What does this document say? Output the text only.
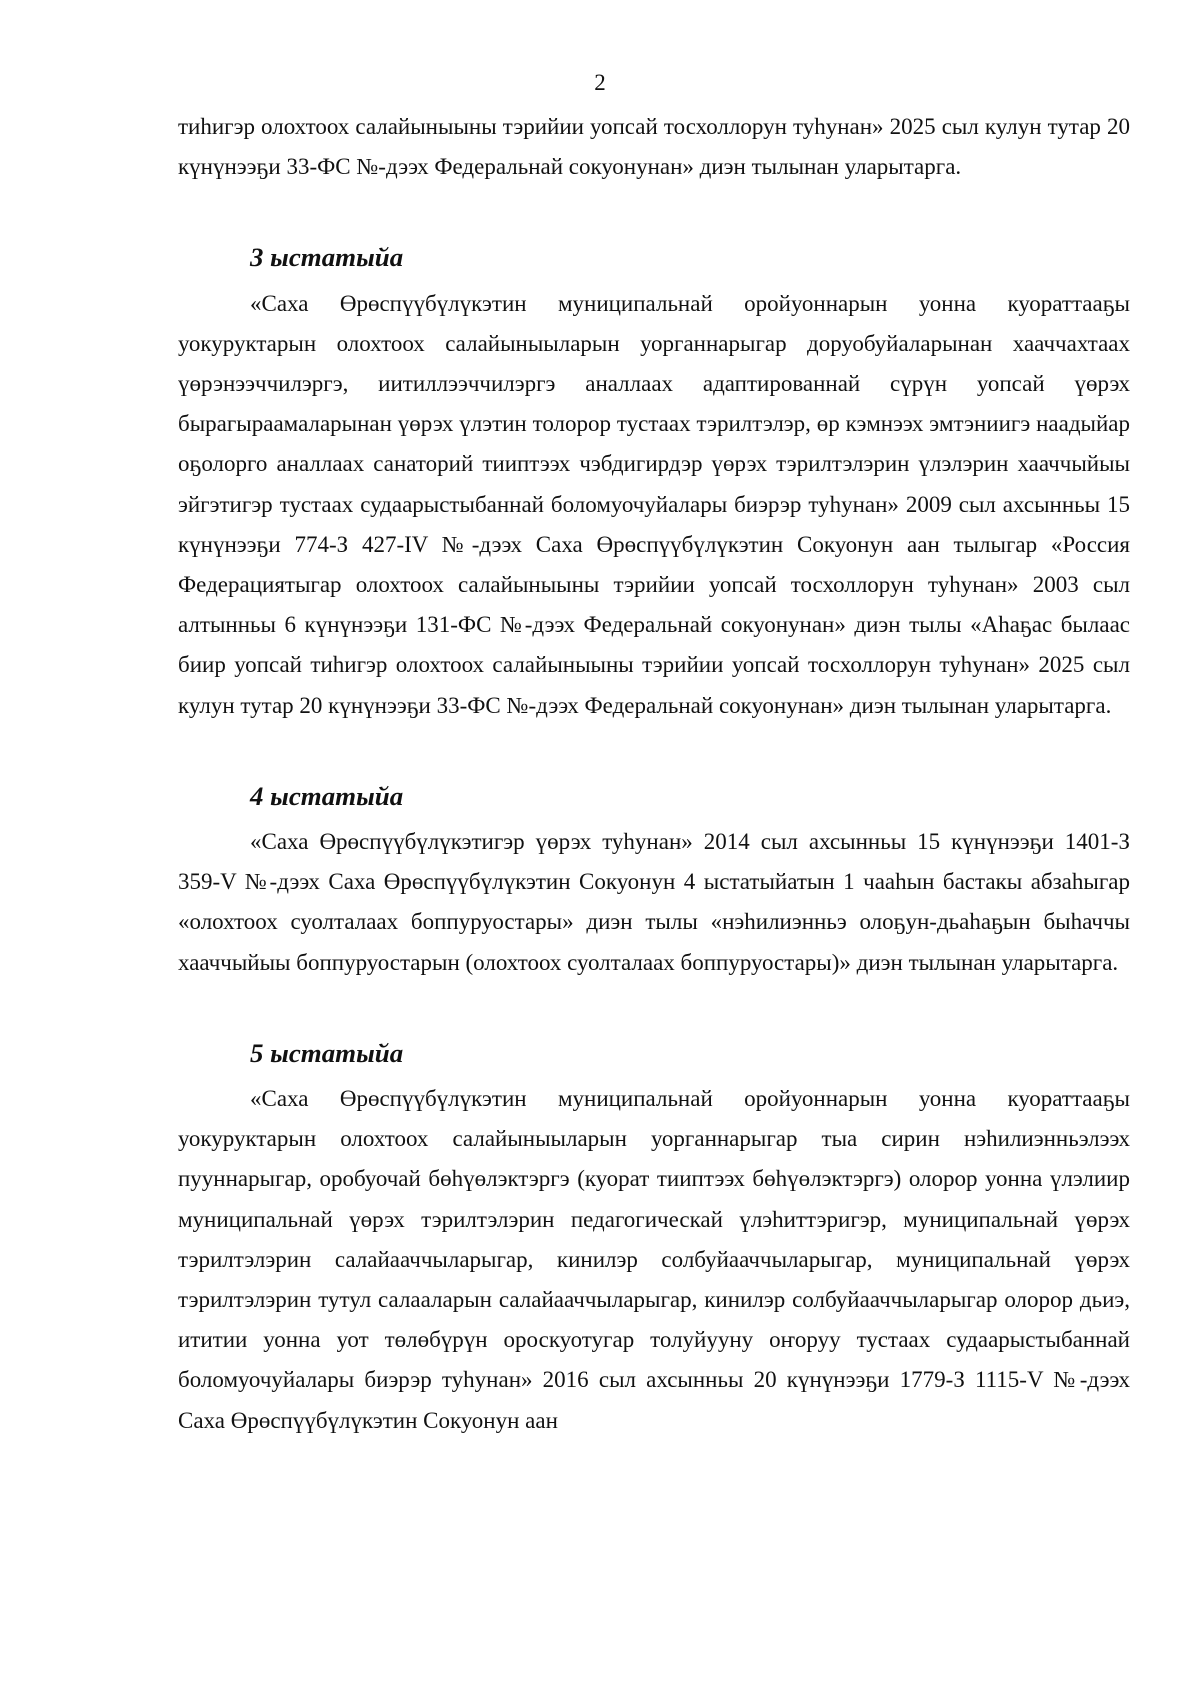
2

тиһигэр олохтоох салайыныыны тэрийии уопсай тосхоллорун туһунан» 2025 сыл кулун тутар 20 күнүнээҕи 33-ФС №-дээх Федеральнай сокуонунан» диэн тылынан уларытарга.

3 ыстатыйа

«Саха Өрөспүүбүлүкэтин муниципальнай оройуоннарын уонна куораттааҕы уокуруктарын олохтоох салайыныыларын уорганнарыгар доруобуйаларынан хааччахтаах үөрэнээччилэргэ, иитиллээччилэргэ аналлаах адаптированнай сүрүн уопсай үөрэх бырагыраамаларынан үөрэх үлэтин толорор тустаах тэрилтэлэр, өр кэмнээх эмтэниигэ наадыйар оҕолорго аналлаах санаторий тииптээх чэбдигирдэр үөрэх тэрилтэлэрин үлэлэрин хааччыйыы эйгэтигэр тустаах судаарыстыбаннай боломуочуйалары биэрэр туһунан» 2009 сыл ахсынньы 15 күнүнээҕи 774-З 427-IV №-дээх Саха Өрөспүүбүлүкэтин Сокуонун аан тылыгар «Россия Федерациятыгар олохтоох салайыныыны тэрийии уопсай тосхоллорун туһунан» 2003 сыл алтынньы 6 күнүнээҕи 131-ФС №-дээх Федеральнай сокуонунан» диэн тылы «Аһаҕас былаас биир уопсай тиһигэр олохтоох салайыныыны тэрийии уопсай тосхоллорун туһунан» 2025 сыл кулун тутар 20 күнүнээҕи 33-ФС №-дээх Федеральнай сокуонунан» диэн тылынан уларытарга.

4 ыстатыйа

«Саха Өрөспүүбүлүкэтигэр үөрэх туһунан» 2014 сыл ахсынньы 15 күнүнээҕи 1401-З 359-V №-дээх Саха Өрөспүүбүлүкэтин Сокуонун 4 ыстатыйатын 1 чааһын бастакы абзаһыгар «олохтоох суолталаах боппуруостары» диэн тылы «нэһилиэнньэ олоҕун-дьаһаҕын быһаччы хааччыйыы боппуруостарын (олохтоох суолталаах боппуруостары)» диэн тылынан уларытарга.

5 ыстатыйа

«Саха Өрөспүүбүлүкэтин муниципальнай оройуоннарын уонна куораттааҕы уокуруктарын олохтоох салайыныыларын уорганнарыгар тыа сирин нэһилиэнньэлээх пууннарыгар, оробуочай бөһүөлэктэргэ (куорат тииптээх бөһүөлэктэргэ) олорор уонна үлэлиир муниципальнай үөрэх тэрилтэлэрин педагогическай үлэһиттэригэр, муниципальнай үөрэх тэрилтэлэрин салайааччыларыгар, кинилэр солбуйааччыларыгар, муниципальнай үөрэх тэрилтэлэрин тутул салааларын салайааччыларыгар, кинилэр солбуйааччыларыгар олорор дьиэ, ититии уонна уот төлөбүрүн ороскуотугар толуйууну оҥоруу тустаах судаарыстыбаннай боломуочуйалары биэрэр туһунан» 2016 сыл ахсынньы 20 күнүнээҕи 1779-З 1115-V №-дээх Саха Өрөспүүбүлүкэтин Сокуонун аан
